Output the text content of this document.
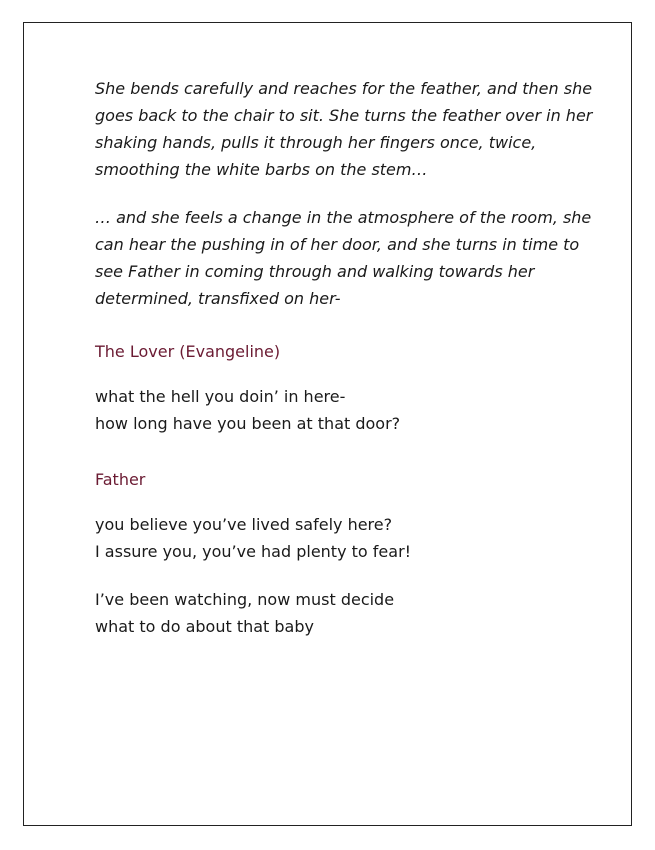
She bends carefully and reaches for the feather, and then she
goes back to the chair to sit. She turns the feather over in her
shaking hands, pulls it through her fingers once, twice,
smoothing the white barbs on the stem…

… and she feels a change in the atmosphere of the room, she
can hear the pushing in of her door, and she turns in time to
see Father in coming through and walking towards her
determined, transfixed on her-

The Lover (Evangeline)

what the hell you doin’ in here-
how long have you been at that door?

Father

you believe you’ve lived safely here?
I assure you, you’ve had plenty to fear!

I’ve been watching, now must decide
what to do about that baby
